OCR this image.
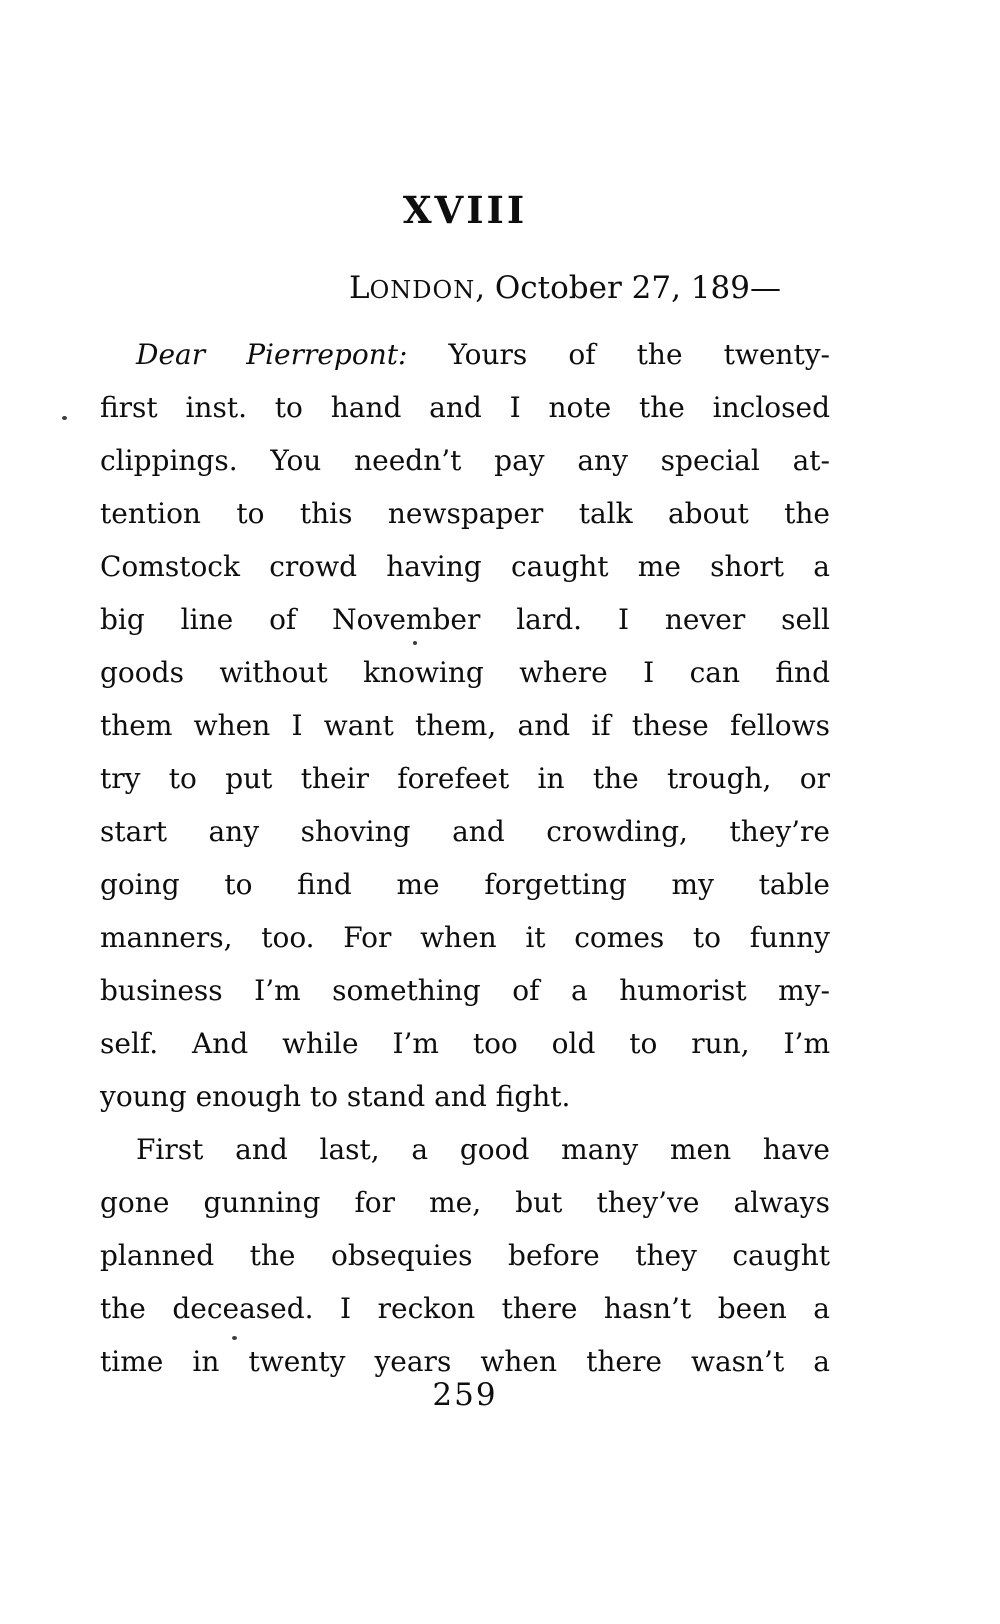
XVIII
LONDON, October 27, 189—
Dear Pierrepont: Yours of the twenty-
first inst. to hand and I note the inclosed
clippings. You needn’t pay any special at-
tention to this newspaper talk about the
Comstock crowd having caught me short a
big line of November lard. I never sell
goods without knowing where I can find
them when I want them, and if these fellows
try to put their forefeet in the trough, or
start any shoving and crowding, they’re
going to find me forgetting my table
manners, too. For when it comes to funny
business I’m something of a humorist my-
self. And while I’m too old to run, I’m
young enough to stand and fight.
First and last, a good many men have
gone gunning for me, but they’ve always
planned the obsequies before they caught
the deceased. I reckon there hasn’t been a
time in twenty years when there wasn’t a
259
